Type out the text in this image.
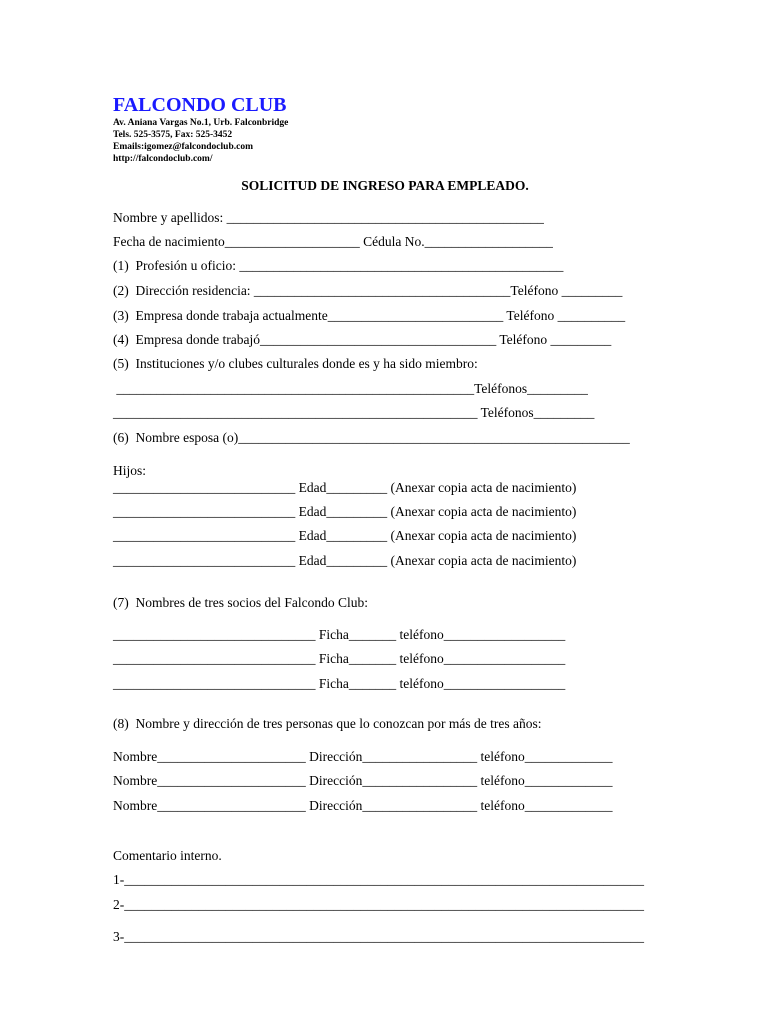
FALCONDO CLUB
Av. Aniana Vargas No.1, Urb. Falconbridge
Tels. 525-3575, Fax: 525-3452
Emails:igomez@falcondoclub.com
http://falcondoclub.com/
SOLICITUD DE INGRESO PARA EMPLEADO.
Nombre y apellidos: _______________________________________________
Fecha de nacimiento____________________ Cédula No.___________________
(1)  Profesión u oficio: ________________________________________________
(2)  Dirección residencia: ______________________________________Teléfono _________
(3)  Empresa donde trabaja actualmente__________________________ Teléfono __________
(4)  Empresa donde trabajó___________________________________ Teléfono _________
(5)  Instituciones y/o clubes culturales donde es y ha sido miembro:
_____________________________________________________Teléfonos_________
______________________________________________________ Teléfonos_________
(6)  Nombre esposa (o)__________________________________________________________
Hijos:
___________________________ Edad_________ (Anexar copia acta de nacimiento)
___________________________ Edad_________ (Anexar copia acta de nacimiento)
___________________________ Edad_________ (Anexar copia acta de nacimiento)
___________________________ Edad_________ (Anexar copia acta de nacimiento)
(7)  Nombres de tres socios del Falcondo Club:
______________________________ Ficha_______ teléfono__________________
______________________________ Ficha_______ teléfono__________________
______________________________ Ficha_______ teléfono__________________
(8)  Nombre y dirección de tres personas que lo conozcan por más de tres años:
Nombre______________________ Dirección_________________ teléfono_____________
Nombre______________________ Dirección_________________ teléfono_____________
Nombre______________________ Dirección_________________ teléfono_____________
Comentario interno.
1-_____________________________________________________________________________
2-_____________________________________________________________________________
3-_____________________________________________________________________________
